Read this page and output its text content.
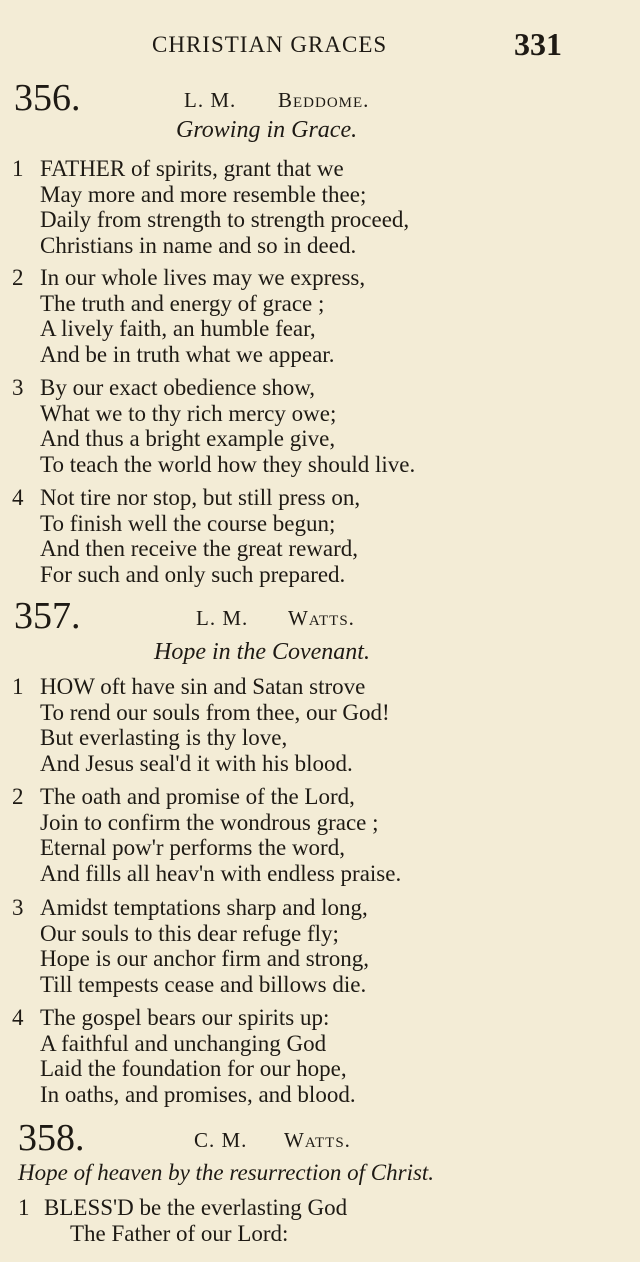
CHRISTIAN GRACES	331
356.	L. M. Beddome.
Growing in Grace.
1 FATHER of spirits, grant that we
May more and more resemble thee;
Daily from strength to strength proceed,
Christians in name and so in deed.
2 In our whole lives may we express,
The truth and energy of grace ;
A lively faith, an humble fear,
And be in truth what we appear.
3 By our exact obedience show,
What we to thy rich mercy owe;
And thus a bright example give,
To teach the world how they should live.
4 Not tire nor stop, but still press on,
To finish well the course begun;
And then receive the great reward,
For such and only such prepared.
357.	L. M. Watts.
Hope in the Covenant.
1 HOW oft have sin and Satan strove
To rend our souls from thee, our God!
But everlasting is thy love,
And Jesus seal'd it with his blood.
2 The oath and promise of the Lord,
Join to confirm the wondrous grace ;
Eternal pow'r performs the word,
And fills all heav'n with endless praise.
3 Amidst temptations sharp and long,
Our souls to this dear refuge fly;
Hope is our anchor firm and strong,
Till tempests cease and billows die.
4 The gospel bears our spirits up:
A faithful and unchanging God
Laid the foundation for our hope,
In oaths, and promises, and blood.
358.	C. M. Watts.
Hope of heaven by the resurrection of Christ.
1 BLESS'D be the everlasting God
The Father of our Lord:
